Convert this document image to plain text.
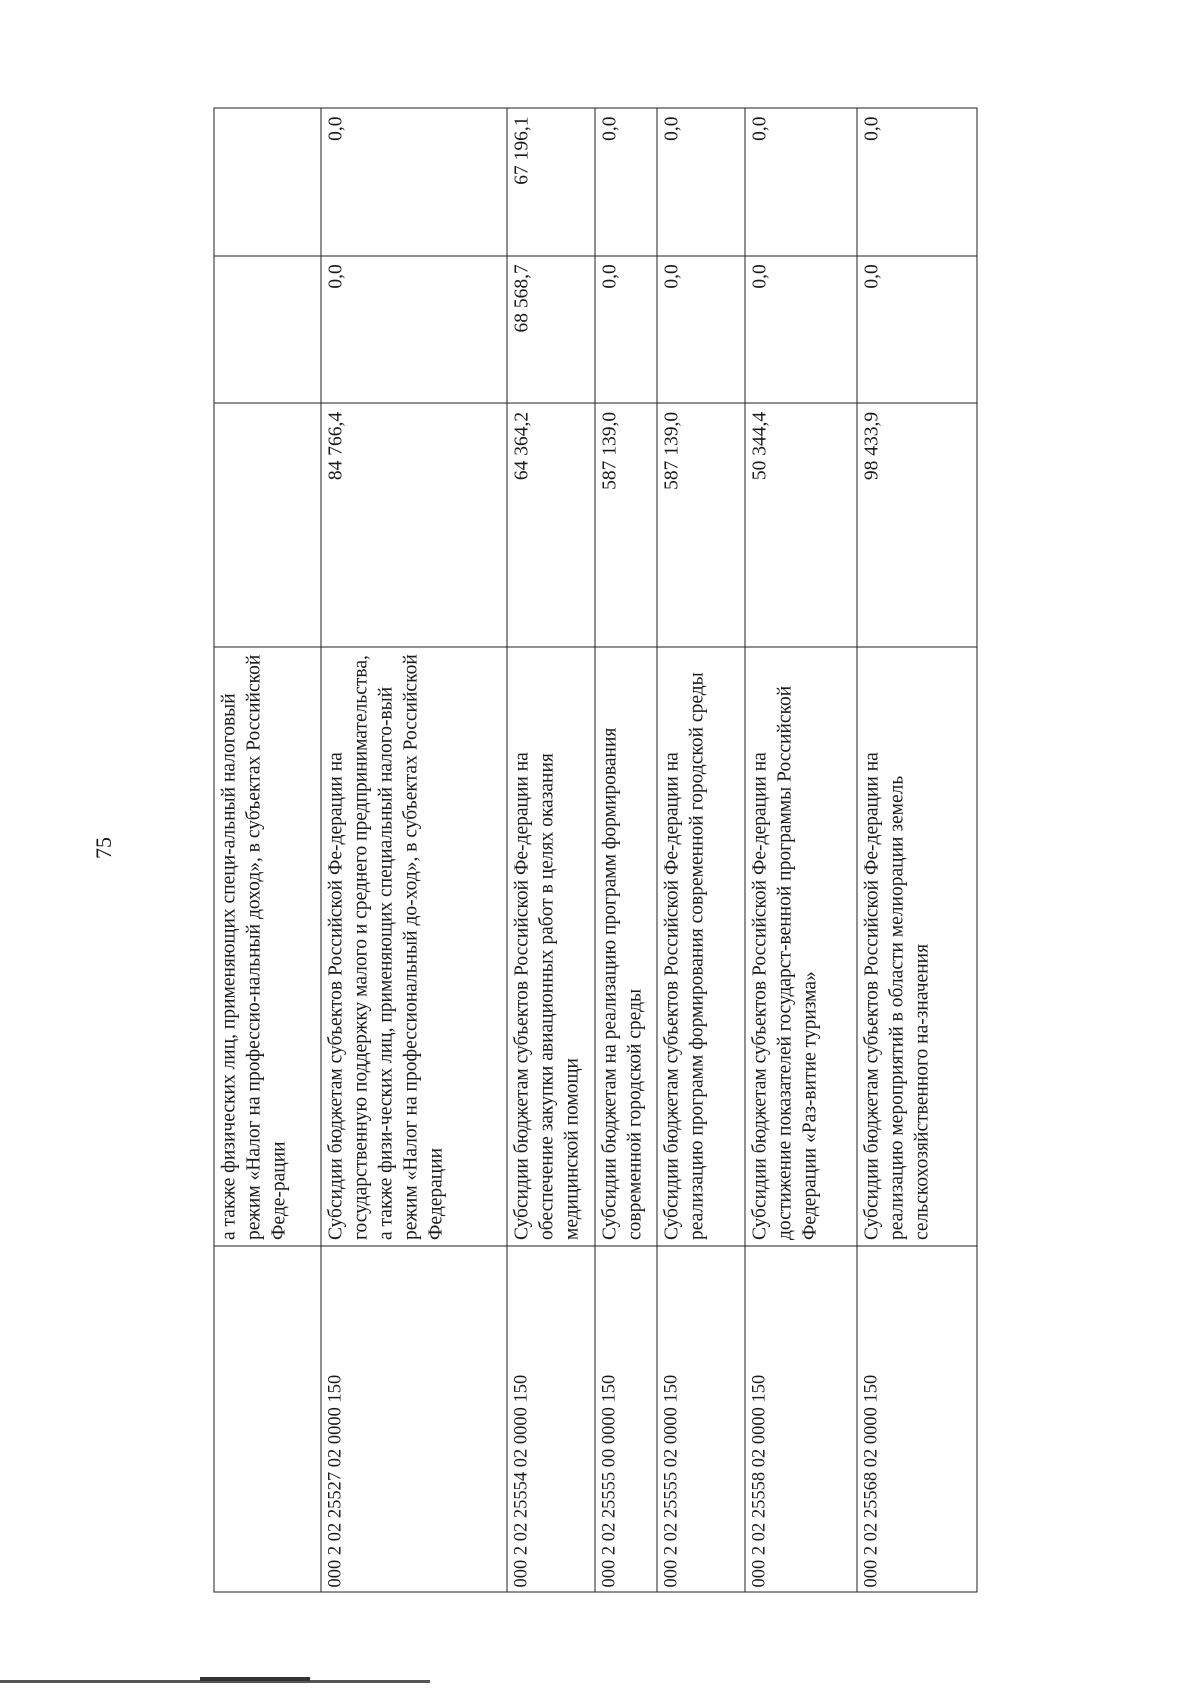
75
		а также физических лиц, применяющих специ-альный налоговый режим «Налог на профессио-нальный доход», в субъектах Российской Феде-рации			
000 2 02 25527 02 0000 150	Субсидии бюджетам субъектов Российской Фе-дерации на государственную поддержку малого и среднего предпринимательства, а также физи-ческих лиц, применяющих специальный налого-вый режим «Налог на профессиональный до-ход», в субъектах Российской Федерации	84 766,4	0,0	0,0
000 2 02 25554 02 0000 150	Субсидии бюджетам субъектов Российской Фе-дерации на обеспечение закупки авиационных работ в целях оказания медицинской помощи	64 364,2	68 568,7	67 196,1
000 2 02 25555 00 0000 150	Субсидии бюджетам на реализацию программ формирования современной городской среды	587 139,0	0,0	0,0
000 2 02 25555 02 0000 150	Субсидии бюджетам субъектов Российской Фе-дерации на реализацию программ формирования современной городской среды	587 139,0	0,0	0,0
000 2 02 25558 02 0000 150	Субсидии бюджетам субъектов Российской Фе-дерации на достижение показателей государст-венной программы Российской Федерации «Раз-витие туризма»	50 344,4	0,0	0,0
000 2 02 25568 02 0000 150	Субсидии бюджетам субъектов Российской Фе-дерации на реализацию мероприятий в области мелиорации земель сельскохозяйственного на-значения	98 433,9	0,0	0,0
